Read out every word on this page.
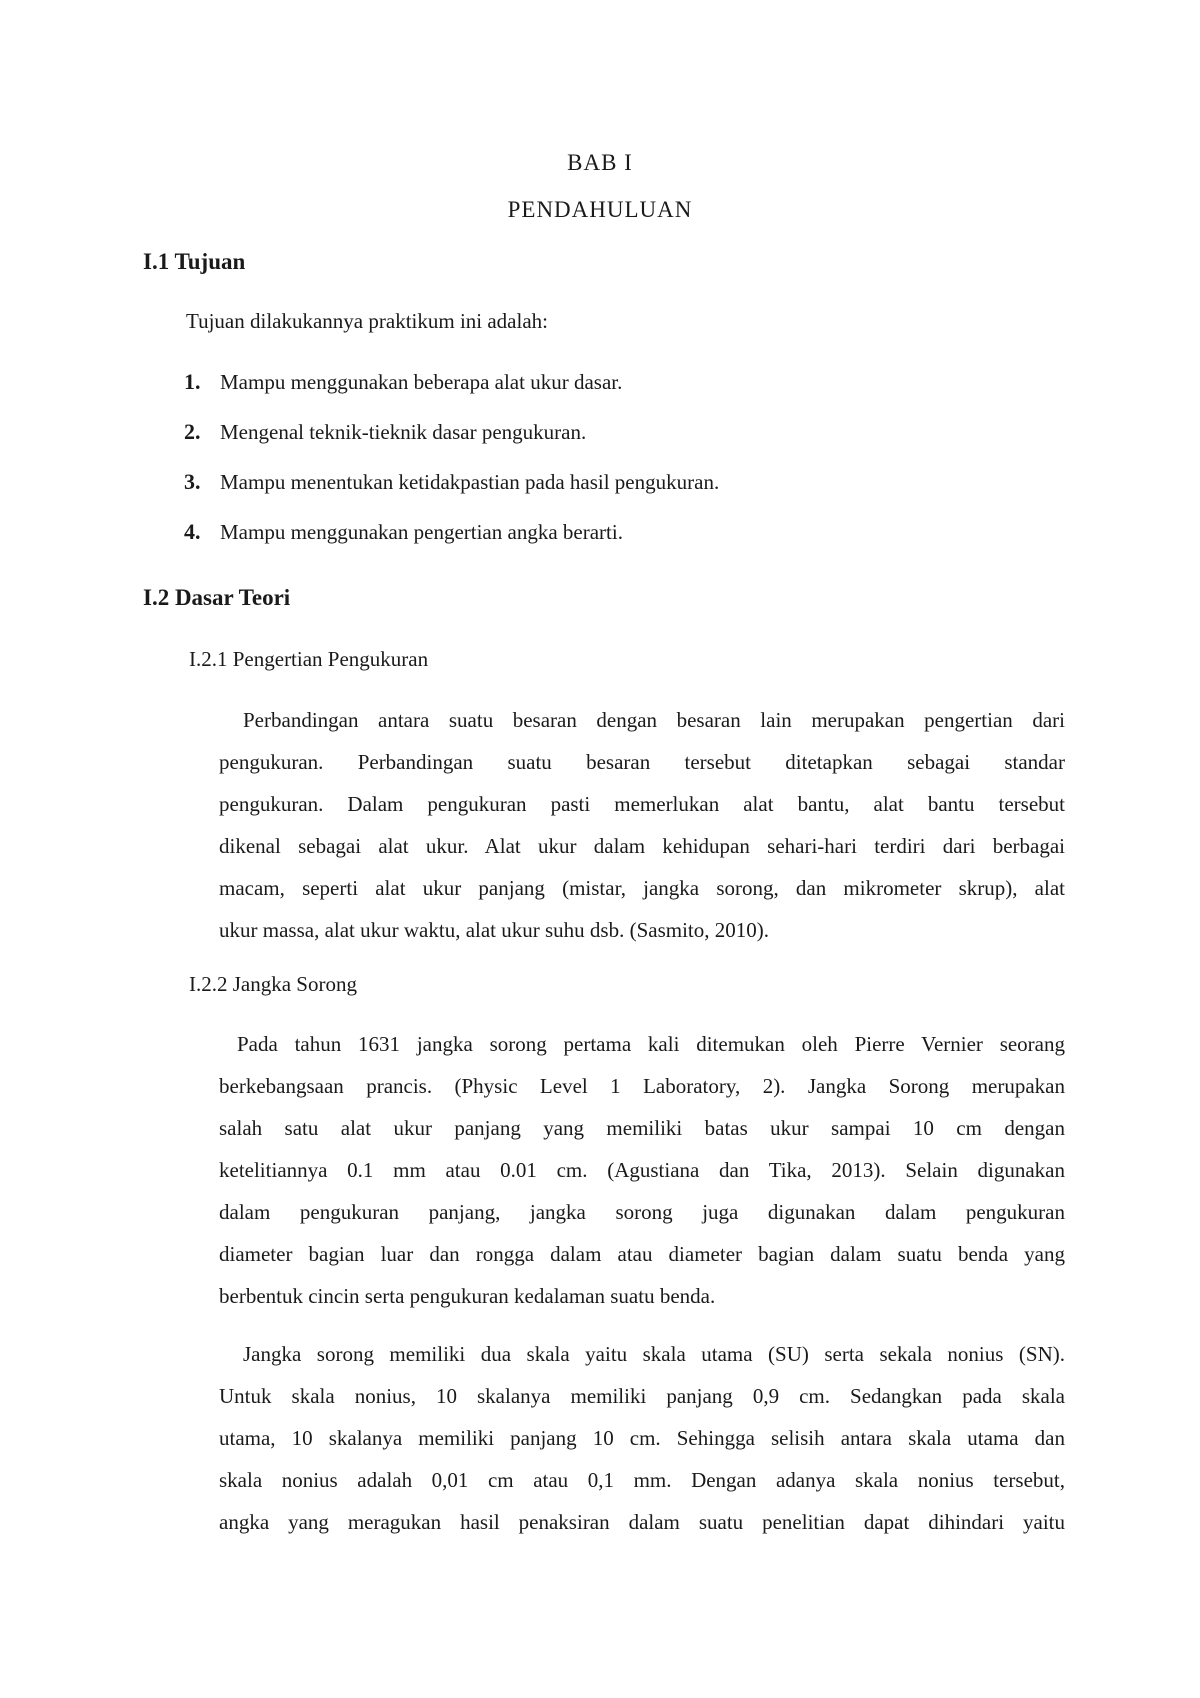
BAB I
PENDAHULUAN
I.1 Tujuan
Tujuan dilakukannya praktikum ini adalah:
1. Mampu menggunakan beberapa alat ukur dasar.
2. Mengenal teknik-tieknik dasar pengukuran.
3. Mampu menentukan ketidakpastian pada hasil pengukuran.
4. Mampu menggunakan pengertian angka berarti.
I.2 Dasar Teori
I.2.1 Pengertian Pengukuran
Perbandingan antara suatu besaran dengan besaran lain merupakan pengertian dari
pengukuran. Perbandingan suatu besaran tersebut ditetapkan sebagai standar
pengukuran. Dalam pengukuran pasti memerlukan alat bantu, alat bantu tersebut
dikenal sebagai alat ukur. Alat ukur dalam kehidupan sehari-hari terdiri dari berbagai
macam, seperti alat ukur panjang (mistar, jangka sorong, dan mikrometer skrup), alat
ukur massa, alat ukur waktu, alat ukur suhu dsb. (Sasmito, 2010).
I.2.2 Jangka Sorong
Pada tahun 1631 jangka sorong pertama kali ditemukan oleh Pierre Vernier seorang
berkebangsaan prancis. (Physic Level 1 Laboratory, 2). Jangka Sorong merupakan
salah satu alat ukur panjang yang memiliki batas ukur sampai 10 cm dengan
ketelitiannya 0.1 mm atau 0.01 cm. (Agustiana dan Tika, 2013). Selain digunakan
dalam pengukuran panjang, jangka sorong juga digunakan dalam pengukuran
diameter bagian luar dan rongga dalam atau diameter bagian dalam suatu benda yang
berbentuk cincin serta pengukuran kedalaman suatu benda.
Jangka sorong memiliki dua skala yaitu skala utama (SU) serta sekala nonius (SN).
Untuk skala nonius, 10 skalanya memiliki panjang 0,9 cm. Sedangkan pada skala
utama, 10 skalanya memiliki panjang 10 cm. Sehingga selisih antara skala utama dan
skala nonius adalah 0,01 cm atau 0,1 mm. Dengan adanya skala nonius tersebut,
angka yang meragukan hasil penaksiran dalam suatu penelitian dapat dihindari yaitu
